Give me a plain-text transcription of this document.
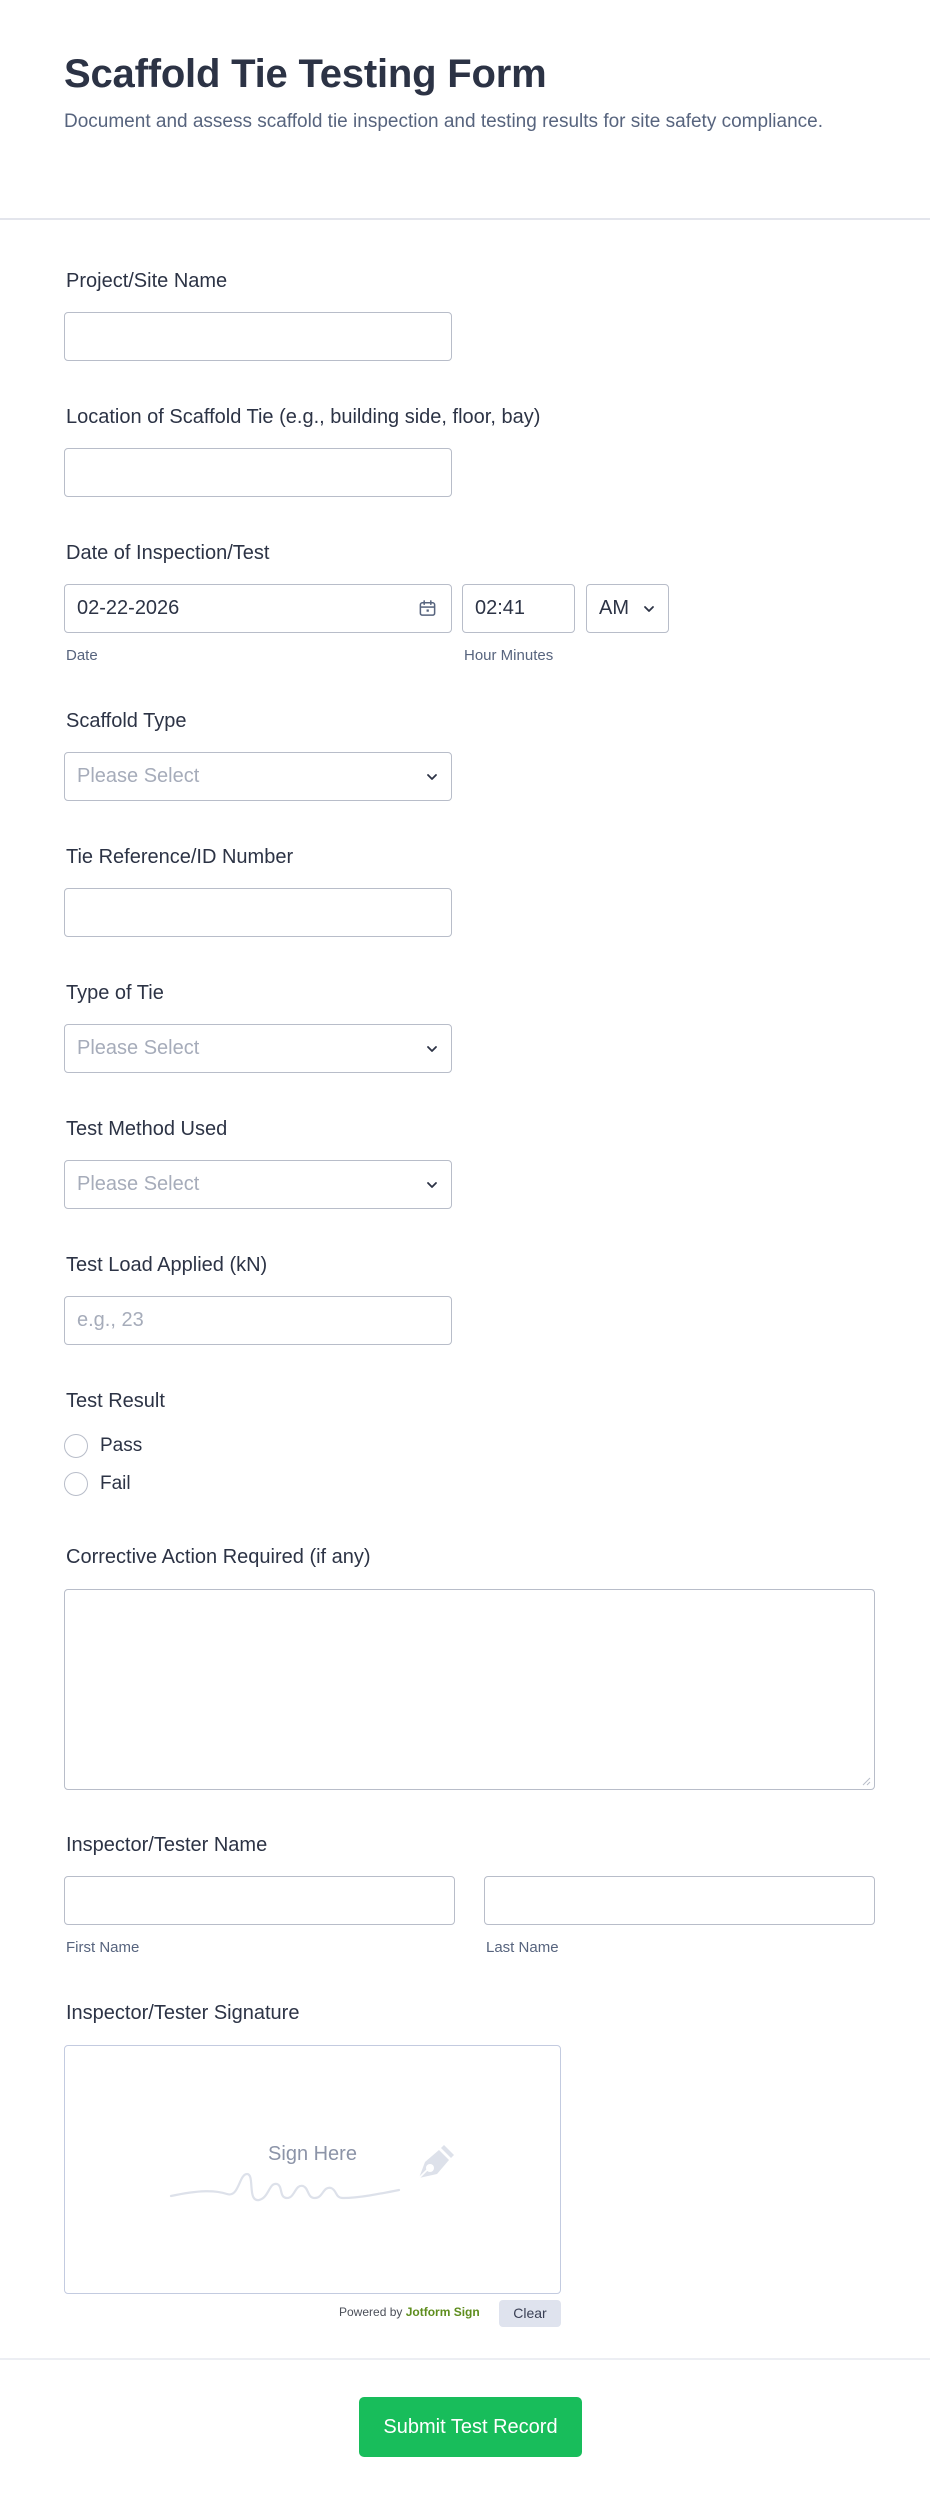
Scaffold Tie Testing Form
Document and assess scaffold tie inspection and testing results for site safety compliance.
Project/Site Name
Location of Scaffold Tie (e.g., building side, floor, bay)
Date of Inspection/Test
02-22-2026	02:41	AM
Date	Hour Minutes
Scaffold Type
Please Select
Tie Reference/ID Number
Type of Tie
Please Select
Test Method Used
Please Select
Test Load Applied (kN)
e.g., 23
Test Result
Pass
Fail
Corrective Action Required (if any)
Inspector/Tester Name
First Name	Last Name
Inspector/Tester Signature
Sign Here
Powered by Jotform Sign	Clear
Submit Test Record
